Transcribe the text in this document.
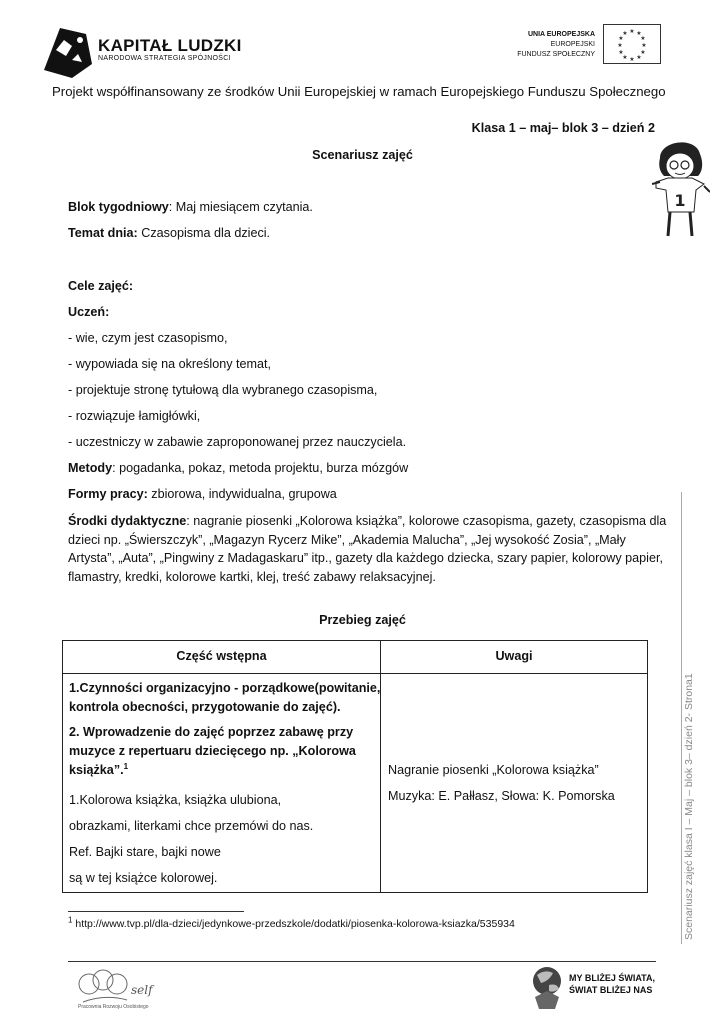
KAPITAŁ LUDZKI
NARODOWA STRATEGIA SPÓJNOŚCI
UNIA EUROPEJSKA
EUROPEJSKI
FUNDUSZ SPOŁECZNY
★ ★
★
★
★
★
★
★
★
★
★
★
Projekt współfinansowany ze środków Unii Europejskiej w ramach Europejskiego Funduszu Społecznego
1
Klasa 1 – maj– blok 3 – dzień 2
Scenariusz zajęć
Blok tygodniowy: Maj miesiącem czytania.
Temat dnia: Czasopisma dla dzieci.
Cele zajęć:
Uczeń:
- wie, czym jest czasopismo,
- wypowiada się na określony temat,
- projektuje stronę tytułową dla wybranego czasopisma,
- rozwiązuje łamigłówki,
- uczestniczy w zabawie zaproponowanej przez nauczyciela.
Metody: pogadanka, pokaz, metoda projektu, burza mózgów
Formy pracy: zbiorowa, indywidualna, grupowa
Środki dydaktyczne: nagranie piosenki „Kolorowa książka”, kolorowe czasopisma, gazety, czasopisma dla
dzieci np. „Świerszczyk”, „Magazyn Rycerz Mike”, „Akademia Malucha”, „Jej wysokość Zosia”, „Mały
Artysta”, „Auta”, „Pingwiny z Madagaskaru” itp., gazety dla każdego dziecka, szary papier, kolorowy papier,
flamastry, kredki, kolorowe kartki, klej, treść zabawy relaksacyjnej.
Przebieg zajęć
Część wstępna	Uwagi
1.Czynności organizacyjno - porządkowe(powitanie,
kontrola obecności, przygotowanie do zajęć).
2. Wprowadzenie do zajęć poprzez zabawę przy
muzyce z repertuaru dziecięcego np. „Kolorowa
książka”.$^1$
1.Kolorowa książka, książka ulubiona,
obrazkami, literkami chce przemówi do nas.
Ref. Bajki stare, bajki nowe
są w tej książce kolorowej.
Nagranie piosenki „Kolorowa książka”
Muzyka: E. Pałłasz, Słowa: K. Pomorska
$^1$ http://www.tvp.pl/dla-dzieci/jedynkowe-przedszkole/dodatki/piosenka-kolorowa-ksiazka/535934	Scenariusz zajęć klasa I – Maj – blok 3– dzień 2- Strona1
self
Pracownia Rozwoju Osobistego
MY BLIŻEJ ŚWIATA,
ŚWIAT BLIŻEJ NAS
